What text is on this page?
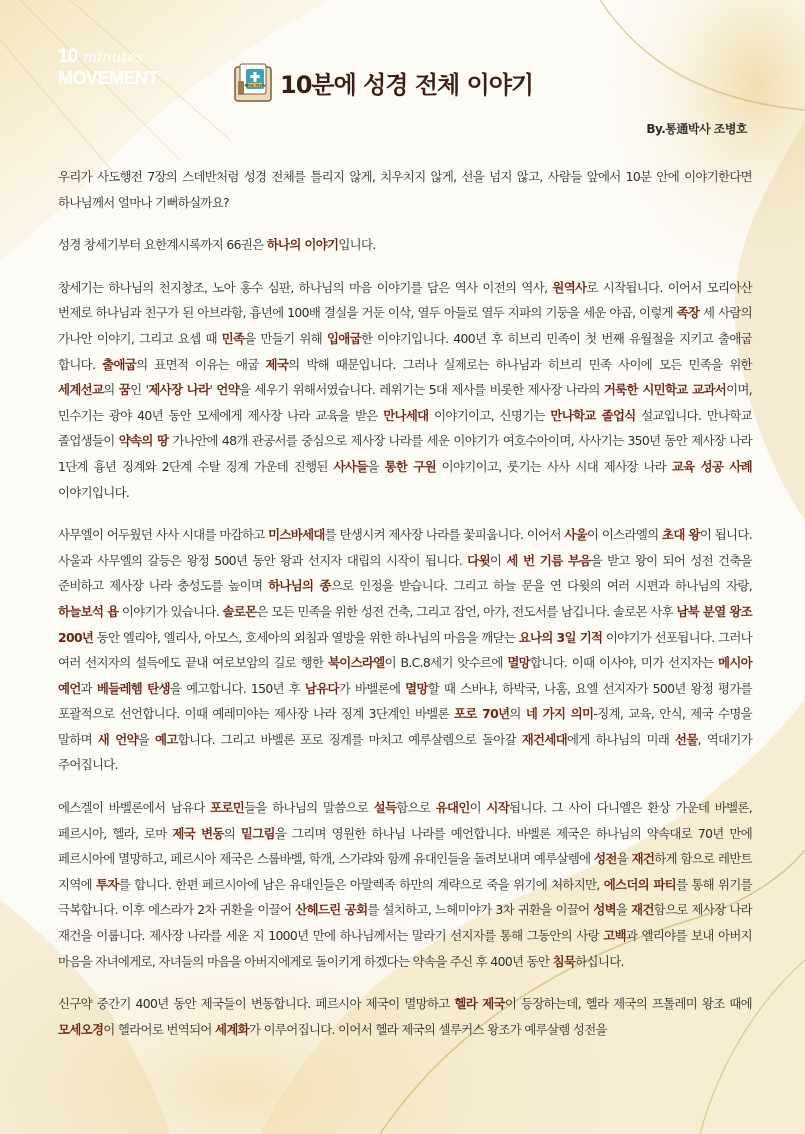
10 minutes
MOVEMENT	Bible Story 10분에 성경 전체 이야기
By.통通박사 조병호

우리가 사도행전 7장의 스데반처럼 성경 전체를 틀리지 않게, 치우치지 않게, 선을 넘지 않고, 사람들 앞에서 10분 안에 이야기한다면 하나님께서 얼마나 기뻐하실까요?

성경 창세기부터 요한계시록까지 66권은 하나의 이야기입니다.

창세기는 하나님의 천지창조, 노아 홍수 심판, 하나님의 마음 이야기를 담은 역사 이전의 역사, 원역사로 시작됩니다. 이어서 모리아산 번제로 하나님과 친구가 된 아브라함, 흉년에 100배 결실을 거둔 이삭, 열두 아들로 열두 지파의 기둥을 세운 야곱, 이렇게 족장 세 사람의 가나안 이야기, 그리고 요셉 때 민족을 만들기 위해 입애굽한 이야기입니다. 400년 후 히브리 민족이 첫 번째 유월절을 지키고 출애굽 합니다. 출애굽의 표면적 이유는 애굽 제국의 박해 때문입니다. 그러나 실제로는 하나님과 히브리 민족 사이에 모든 민족을 위한 세계선교의 꿈인 '제사장 나라' 언약을 세우기 위해서였습니다. 레위기는 5대 제사를 비롯한 제사장 나라의 거룩한 시민학교 교과서이며, 민수기는 광야 40년 동안 모세에게 제사장 나라 교육을 받은 만나세대 이야기이고, 신명기는 만나학교 졸업식 설교입니다. 만나학교 졸업생들이 약속의 땅 가나안에 48개 관공서를 중심으로 제사장 나라를 세운 이야기가 여호수아이며, 사사기는 350년 동안 제사장 나라 1단계 흉년 징계와 2단계 수탈 징계 가운데 진행된 사사들을 통한 구원 이야기이고, 룻기는 사사 시대 제사장 나라 교육 성공 사례 이야기입니다.

사무엘이 어두웠던 사사 시대를 마감하고 미스바세대를 탄생시켜 제사장 나라를 꽃피웁니다. 이어서 사울이 이스라엘의 초대 왕이 됩니다. 사울과 사무엘의 갈등은 왕정 500년 동안 왕과 선지자 대립의 시작이 됩니다. 다윗이 세 번 기름 부음을 받고 왕이 되어 성전 건축을 준비하고 제사장 나라 충성도를 높이며 하나님의 종으로 인정을 받습니다. 그리고 하늘 문을 연 다윗의 여러 시편과 하나님의 자랑, 하늘보석 욥 이야기가 있습니다. 솔로몬은 모든 민족을 위한 성전 건축, 그리고 잠언, 아가, 전도서를 남깁니다. 솔로몬 사후 남북 분열 왕조 200년 동안 엘리야, 엘리사, 아모스, 호세아의 외침과 열방을 위한 하나님의 마음을 깨닫는 요나의 3일 기적 이야기가 선포됩니다. 그러나 여러 선지자의 설득에도 끝내 여로보암의 길로 행한 북이스라엘이 B.C.8세기 앗수르에 멸망합니다. 이때 이사야, 미가 선지자는 메시아 예언과 베들레헴 탄생을 예고합니다. 150년 후 남유다가 바벨론에 멸망할 때 스바냐, 하박국, 나훔, 요엘 선지자가 500년 왕정 평가를 포괄적으로 선언합니다. 이때 예레미야는 제사장 나라 징계 3단계인 바벨론 포로 70년의 네 가지 의미-징계, 교육, 안식, 제국 수명을 말하며 새 언약을 예고합니다. 그리고 바벨론 포로 징계를 마치고 예루살렘으로 돌아갈 재건세대에게 하나님의 미래 선물, 역대기가 주어집니다.

에스겔이 바벨론에서 남유다 포로민들을 하나님의 말씀으로 설득함으로 유대인이 시작됩니다. 그 사이 다니엘은 환상 가운데 바벨론, 페르시아, 헬라, 로마 제국 변동의 밑그림을 그리며 영원한 하나님 나라를 예언합니다. 바벨론 제국은 하나님의 약속대로 70년 만에 페르시아에 멸망하고, 페르시아 제국은 스룹바벨, 학개, 스가랴와 함께 유대인들을 돌려보내며 예루살렘에 성전을 재건하게 함으로 레반트 지역에 투자를 합니다. 한편 페르시아에 남은 유대인들은 아말렉족 하만의 계략으로 죽을 위기에 처하지만, 에스더의 파티를 통해 위기를 극복합니다. 이후 에스라가 2차 귀환을 이끌어 산헤드린 공회를 설치하고, 느헤미야가 3차 귀환을 이끌어 성벽을 재건함으로 제사장 나라 재건을 이룹니다. 제사장 나라를 세운 지 1000년 만에 하나님께서는 말라기 선지자를 통해 그동안의 사랑 고백과 엘리야를 보내 아버지 마음을 자녀에게로, 자녀들의 마음을 아버지에게로 돌이키게 하겠다는 약속을 주신 후 400년 동안 침묵하십니다.

신구약 중간기 400년 동안 제국들이 변동합니다. 페르시아 제국이 멸망하고 헬라 제국이 등장하는데, 헬라 제국의 프톨레미 왕조 때에 모세오경이 헬라어로 번역되어 세계화가 이루어집니다. 이어서 헬라 제국의 셀루커스 왕조가 예루살렘 성전을
